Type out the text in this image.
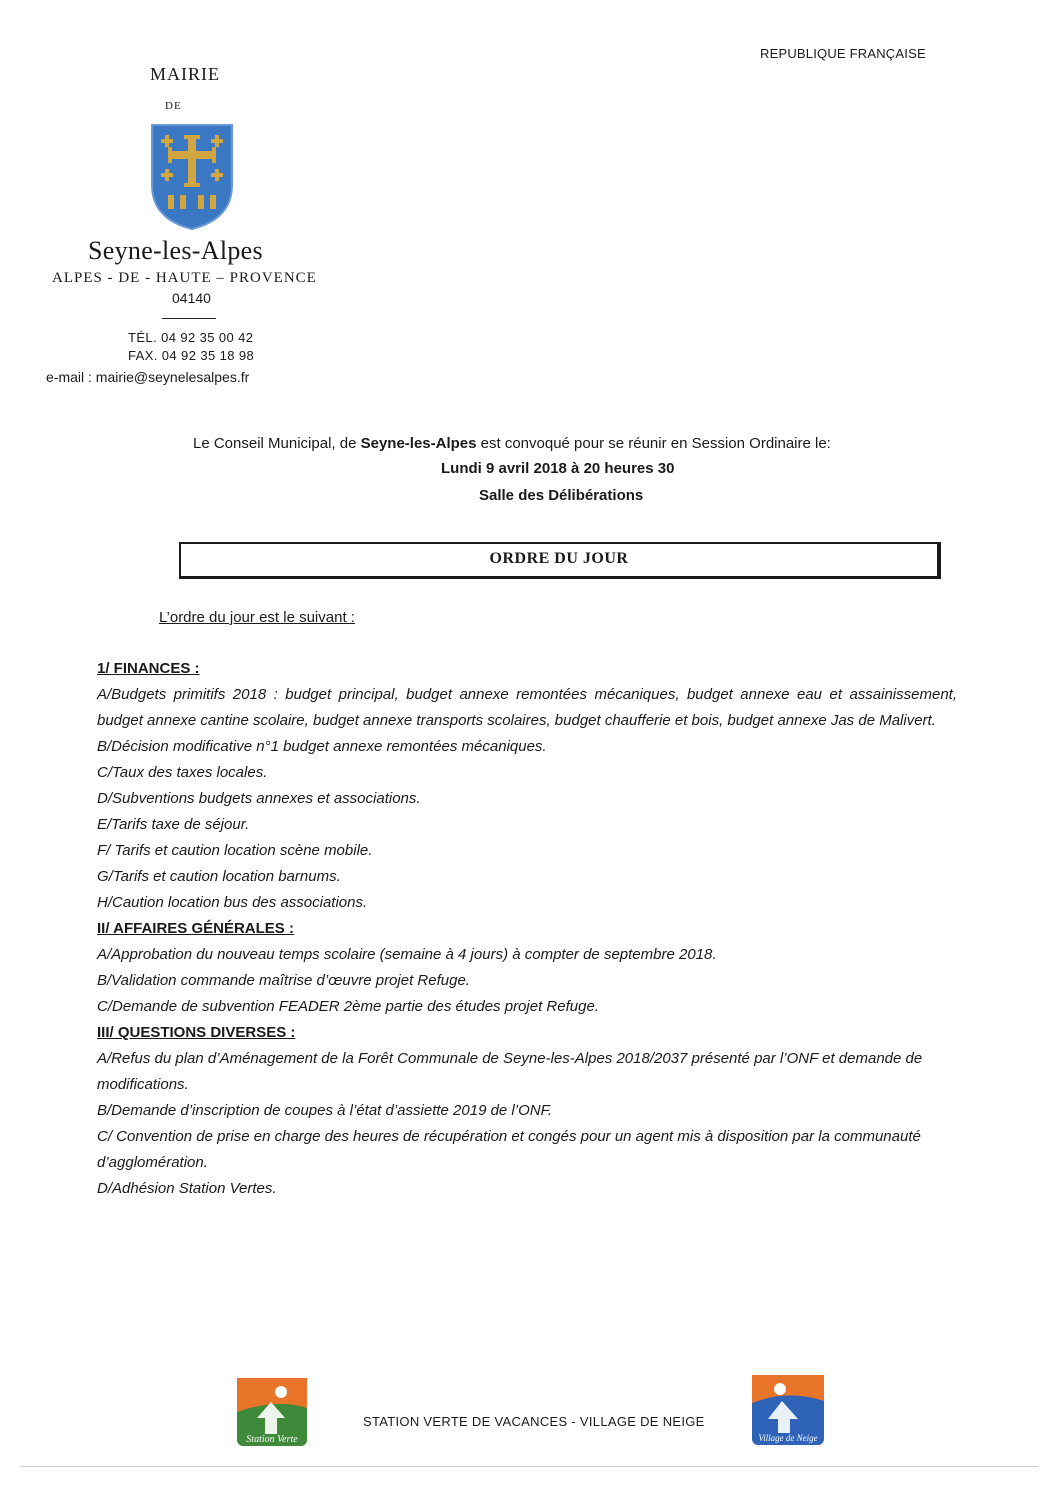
REPUBLIQUE FRANÇAISE
MAIRIE
DE
Seyne-les-Alpes
ALPES - DE - HAUTE – PROVENCE
04140
TÉL. 04 92 35 00 42
FAX. 04 92 35 18 98
e-mail : mairie@seynelesalpes.fr
Le Conseil Municipal, de Seyne-les-Alpes est convoqué pour se réunir en Session Ordinaire le:
Lundi 9 avril 2018 à 20 heures 30
Salle des Délibérations
ORDRE DU JOUR
L’ordre du jour est le suivant :
1/ FINANCES :
A/Budgets primitifs 2018 : budget principal, budget annexe remontées mécaniques, budget annexe eau et assainissement, budget annexe cantine scolaire, budget annexe transports scolaires, budget chaufferie et bois, budget annexe Jas de Malivert.
B/Décision modificative n°1 budget annexe remontées mécaniques.
C/Taux des taxes locales.
D/Subventions budgets annexes et associations.
E/Tarifs taxe de séjour.
F/ Tarifs et caution location scène mobile.
G/Tarifs et caution location barnums.
H/Caution location bus des associations.
II/ AFFAIRES GÉNÉRALES :
A/Approbation du nouveau temps scolaire (semaine à 4 jours) à compter de septembre 2018.
B/Validation commande maîtrise d’œuvre projet Refuge.
C/Demande de subvention FEADER 2ème partie des études projet Refuge.
III/ QUESTIONS DIVERSES :
A/Refus du plan d’Aménagement de la Forêt Communale de Seyne-les-Alpes 2018/2037 présenté par l’ONF et demande de modifications.
B/Demande d’inscription de coupes à l’état d’assiette 2019 de l’ONF.
C/ Convention de prise en charge des heures de récupération et congés pour un agent mis à disposition par la communauté d’agglomération.
D/Adhésion Station Vertes.
Station Verte
STATION VERTE DE VACANCES - VILLAGE DE NEIGE
Village de Neige
